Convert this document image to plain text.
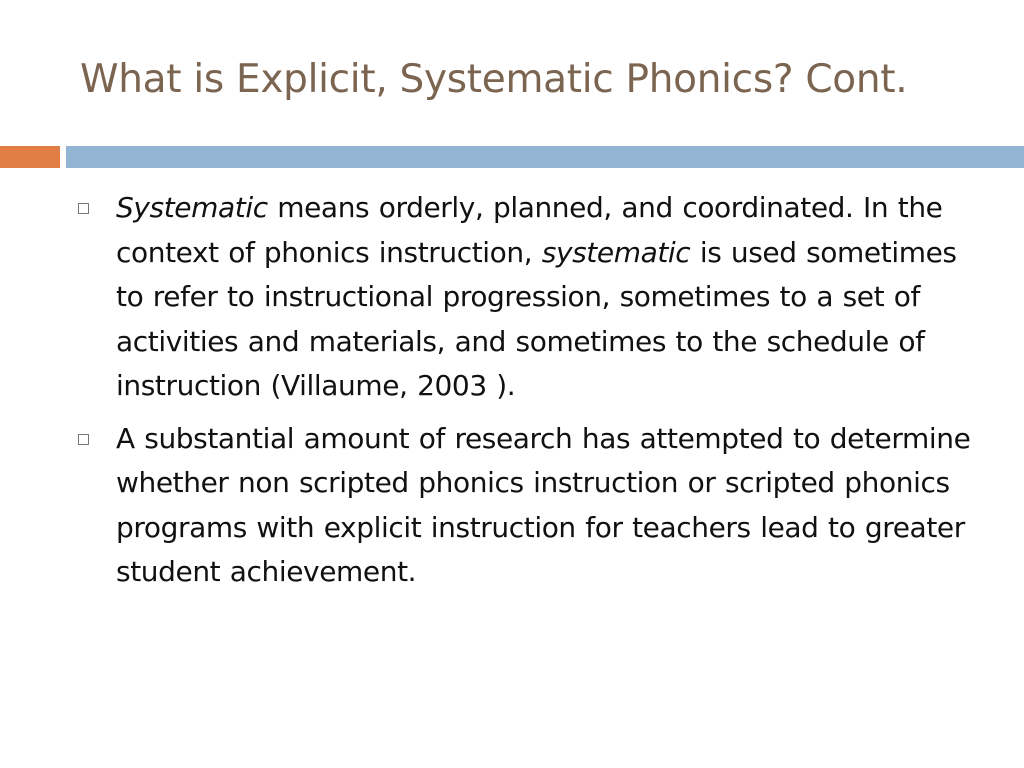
What is Explicit, Systematic Phonics? Cont.
Systematic means orderly, planned, and coordinated. In the context of phonics instruction, systematic is used sometimes to refer to instructional progression, sometimes to a set of activities and materials, and sometimes to the schedule of instruction (Villaume, 2003 ).
A substantial amount of research has attempted to determine whether non scripted phonics instruction or scripted phonics programs with explicit instruction for teachers lead to greater student achievement.
